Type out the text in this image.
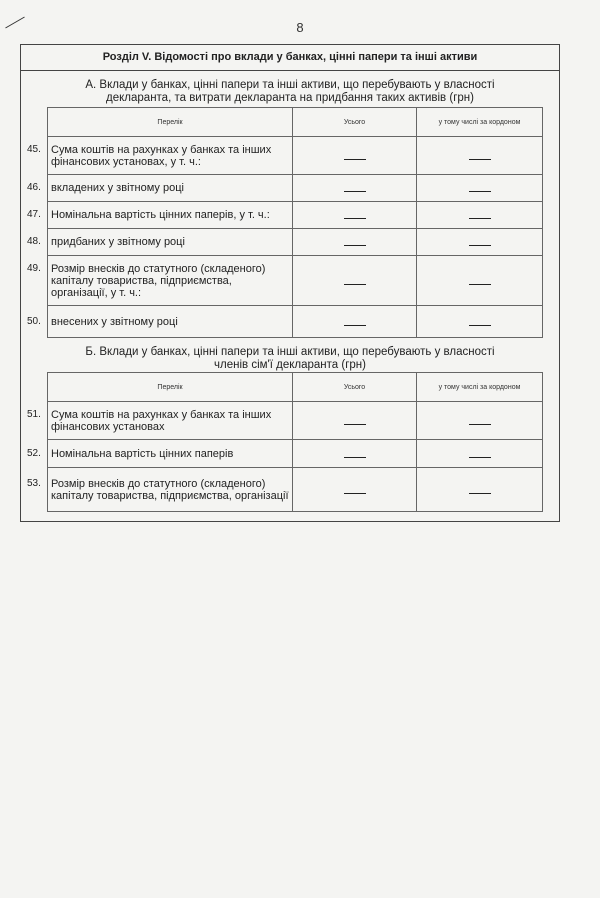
8
Розділ V. Відомості про вклади у банках, цінні папери та інші активи
А. Вклади у банках, цінні папери та інші активи, що перебувають у власності
декларанта, та витрати декларанта на придбання таких активів (грн)
Перелік	Усього	у тому числі за кордоном

45. Сума коштів на рахунках у банках та інших фінансових установах, у т. ч.:		

46. вкладених у звітному році		

47. Номінальна вартість цінних паперів, у т. ч.:		

48. придбаних у звітному році		

49. Розмір внесків до статутного (складеного) капіталу товариства, підприємства, організації, у т. ч.:		

50. внесених у звітному році		

Б. Вклади у банках, цінні папери та інші активи, що перебувають у власності
членів сім'ї декларанта (грн)
Перелік	Усього	у тому числі за кордоном

51. Сума коштів на рахунках у банках та інших фінансових установах		

52. Номінальна вартість цінних паперів		

53. Розмір внесків до статутного (складеного) капіталу товариства, підприємства, організації		
